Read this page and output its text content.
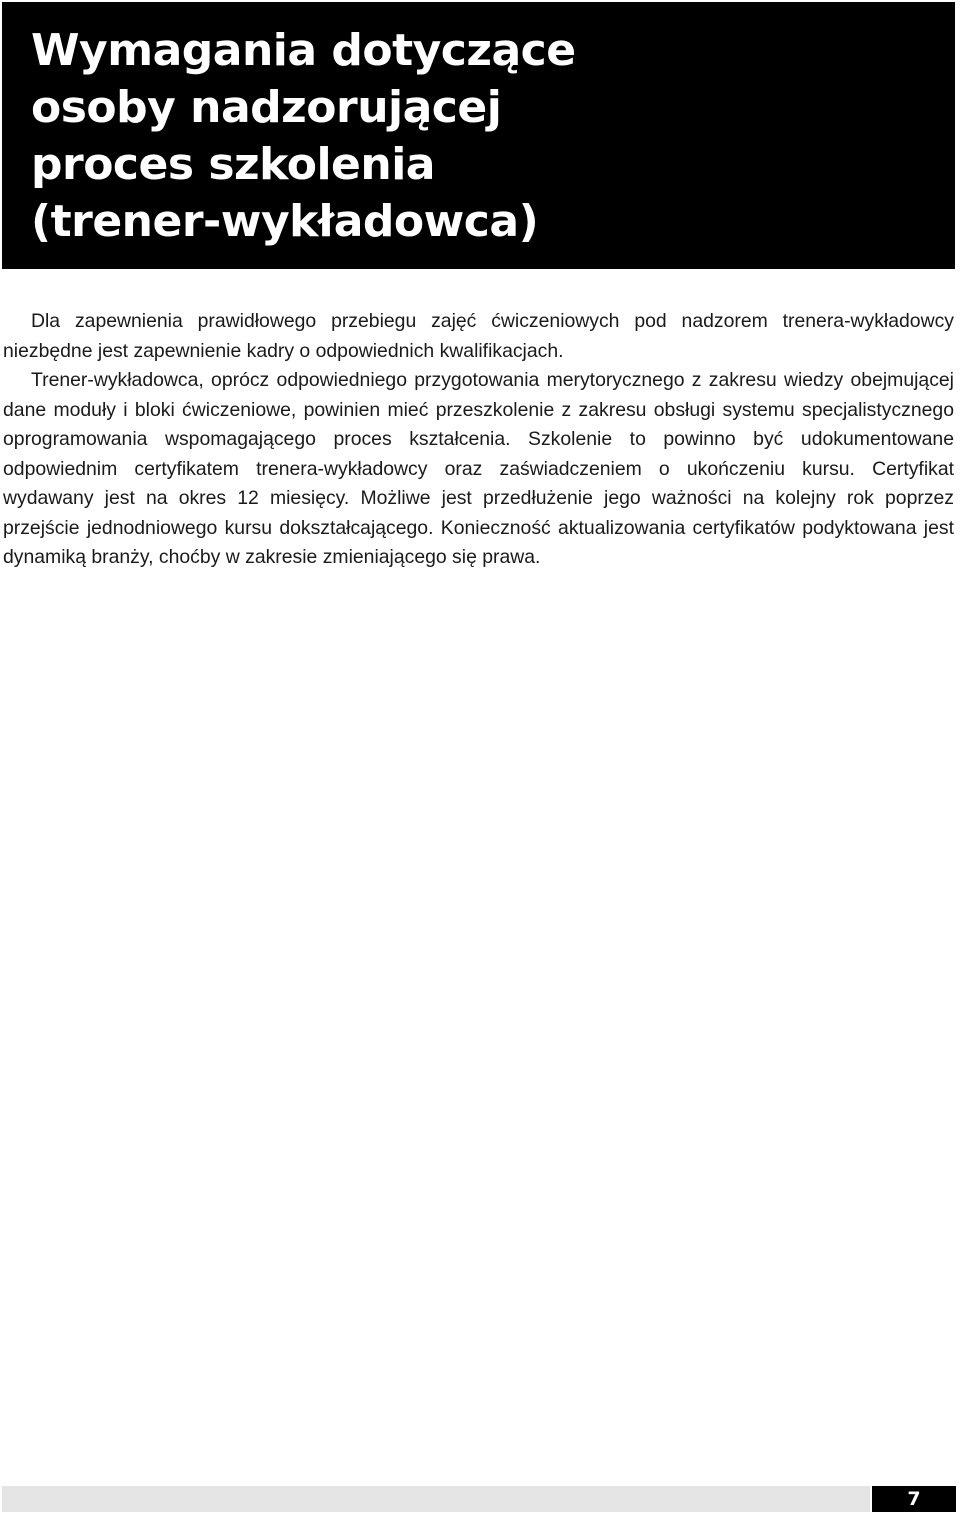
Wymagania dotyczące
osoby nadzorującej
proces szkolenia
(trener-wykładowca)

Dla zapewnienia prawidłowego przebiegu zajęć ćwiczeniowych pod nadzorem trenera-wykładowcy niezbędne jest zapewnienie kadry o odpowiednich kwalifikacjach.

Trener-wykładowca, oprócz odpowiedniego przygotowania merytorycznego z zakresu wiedzy obejmującej dane moduły i bloki ćwiczeniowe, powinien mieć przeszkolenie z zakresu obsługi systemu specjalistycznego oprogramowania wspomagającego proces kształcenia. Szkolenie to powinno być udokumentowane odpowiednim certyfikatem trenera-wykładowcy oraz zaświadczeniem o ukończeniu kursu. Certyfikat wydawany jest na okres 12 miesięcy. Możliwe jest przedłużenie jego ważności na kolejny rok poprzez przejście jednodniowego kursu dokształcającego. Konieczność aktualizowania certyfikatów podyktowana jest dynamiką branży, choćby w zakresie zmieniającego się prawa.

7
